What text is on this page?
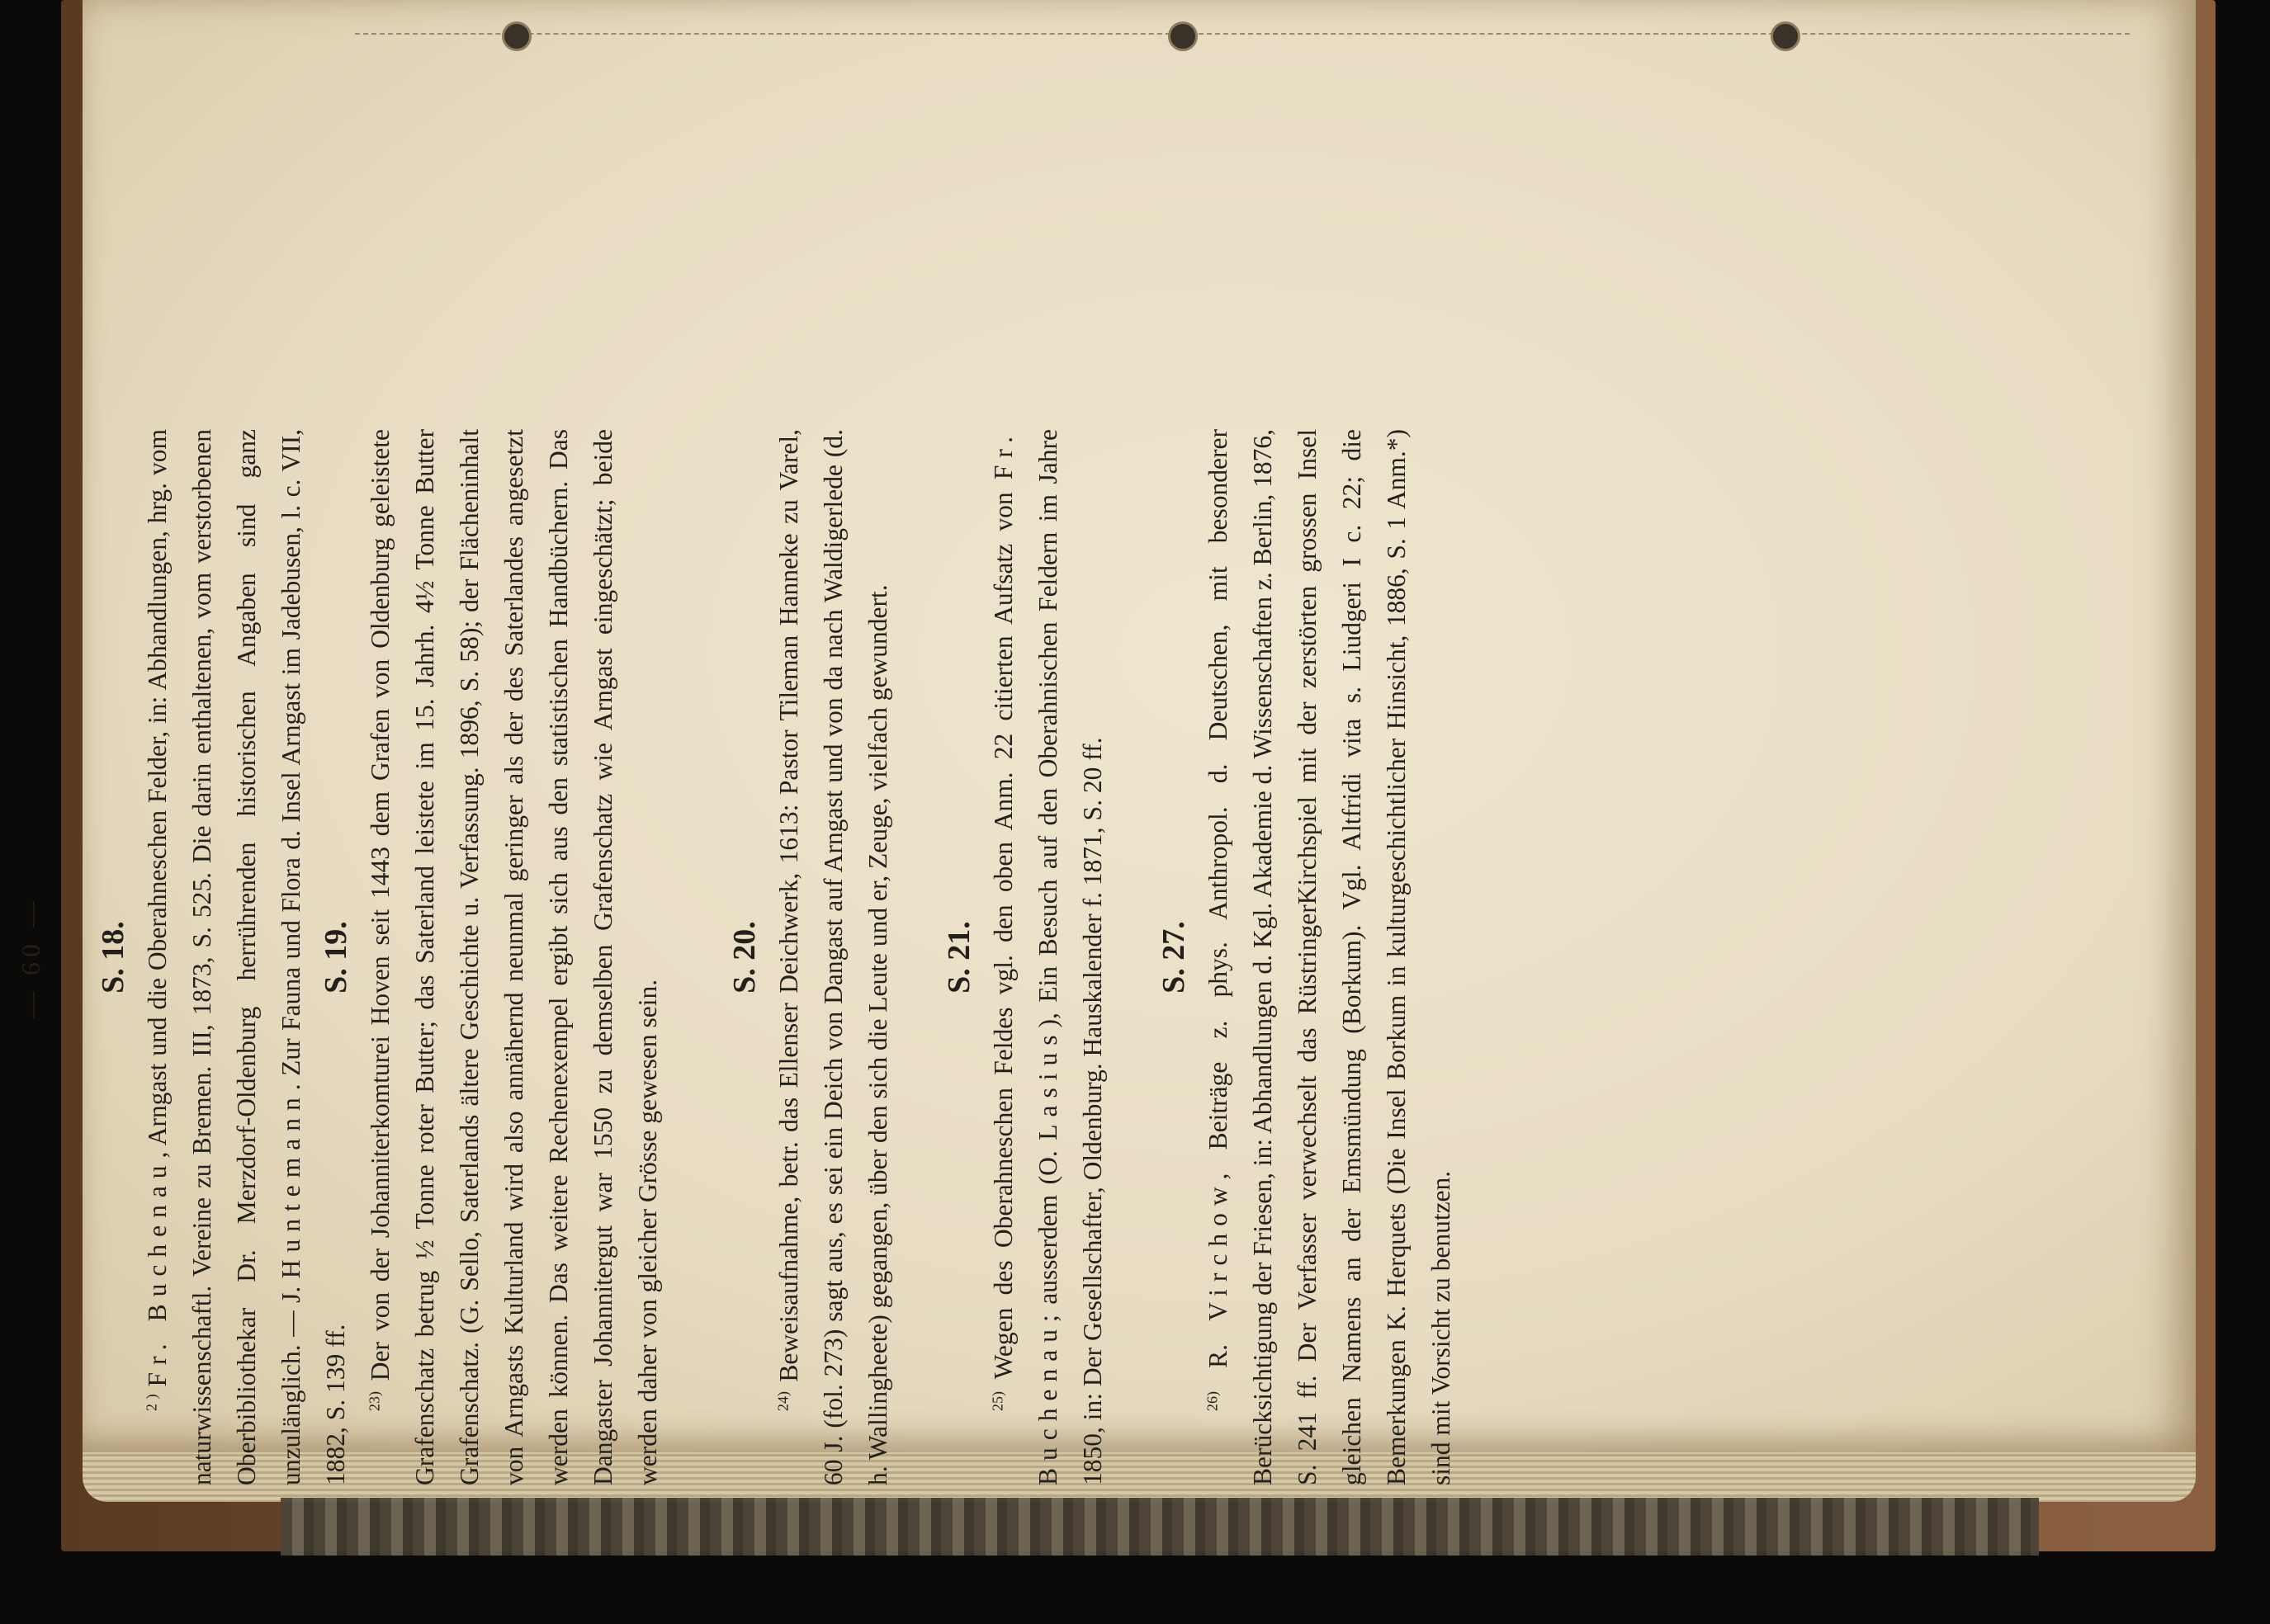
— 60 — S. 18.

$^{2 )}$ Fr. Buchenau, Arngast und die Oberahneschen Felder, in: Abhandlungen, hrg. vom naturwissenschaftl. Vereine zu Bremen. III, 1873, S. 525. Die darin enthaltenen, vom verstorbenen Oberbibliothekar Dr. Merzdorf-Oldenburg herrührenden historischen Angaben sind ganz unzulänglich. — J. Huntemann. Zur Fauna und Flora d. Insel Arngast im Jadebusen, l. c. VII, 1882, S. 139 ff.

S. 19.

$^{23)}$ Der von der Johanniterkomturei Hoven seit 1443 dem Grafen von Oldenburg geleistete Grafenschatz betrug ½ Tonne roter Butter; das Saterland leistete im 15. Jahrh. 4½ Tonne Butter Grafenschatz. (G. Sello, Saterlands ältere Geschichte u. Verfassung. 1896, S. 58); der Flächeninhalt von Arngasts Kulturland wird also annähernd neunmal geringer als der des Saterlandes angesetzt werden können. Das weitere Rechenexempel ergibt sich aus den statistischen Handbüchern. Das Dangaster Johannitergut war 1550 zu demselben Grafenschatz wie Arngast eingeschätzt; beide werden daher von gleicher Grösse gewesen sein.

S. 20.

$^{24)}$ Beweisaufnahme, betr. das Ellenser Deichwerk, 1613: Pastor Tileman Hanneke zu Varel, 60 J. (fol. 273) sagt aus, es sei ein Deich von Dangast auf Arngast und von da nach Waldigerlede (d. h. Wallingheete) gegangen, über den sich die Leute und er, Zeuge, vielfach gewundert. S. 21.

$^{25)}$ Wegen des Oberahneschen Feldes vgl. den oben Anm. 22 citierten Aufsatz von Fr. Buchenau; ausserdem (O. Lasius), Ein Besuch auf den Oberahnischen Feldern im Jahre 1850, in: Der Gesellschafter, Oldenburg. Hauskalender f. 1871, S. 20 ff. S. 27.

$^{26)}$ R. Virchow, Beiträge z. phys. Anthropol. d. Deutschen, mit besonderer Berücksichtigung der Friesen, in: Abhandlungen d. Kgl. Akademie d. Wissenschaften z. Berlin, 1876, S. 241 ff. Der Verfasser verwechselt das RüstringerKirchspiel mit der zerstörten grossen Insel gleichen Namens an der Emsmündung (Borkum). Vgl. Altfridi vita s. Liudgeri I c. 22; die Bemerkungen K. Herquets (Die Insel Borkum in kulturgeschichtlicher Hinsicht, 1886, S. 1 Anm.*) sind mit Vorsicht zu benutzen.
